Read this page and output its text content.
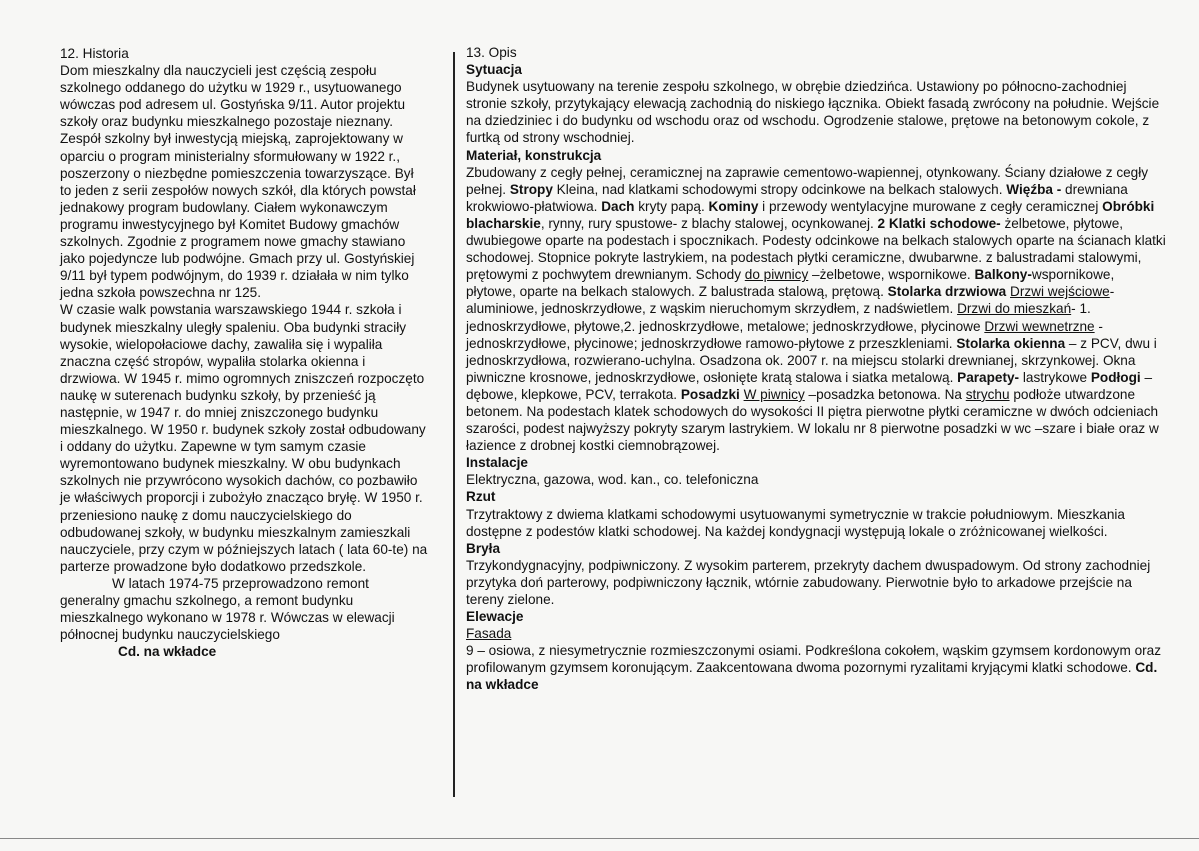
12. Historia

Dom mieszkalny dla nauczycieli jest częścią zespołu szkolnego oddanego do użytku w 1929 r., usytuowanego wówczas pod adresem ul. Gostyńska 9/11. Autor projektu szkoły oraz budynku mieszkalnego pozostaje nieznany. Zespół szkolny był inwestycją miejską, zaprojektowany w oparciu o program ministerialny sformułowany w 1922 r., poszerzony o niezbędne pomieszczenia towarzyszące. Był to jeden z serii zespołów nowych szkół, dla których powstał jednakowy program budowlany. Ciałem wykonawczym programu inwestycyjnego był Komitet Budowy gmachów szkolnych. Zgodnie z programem nowe gmachy stawiano jako pojedyncze lub podwójne. Gmach przy ul. Gostyńskiej 9/11 był typem podwójnym, do 1939 r. działała w nim tylko jedna szkoła powszechna nr 125.

W czasie walk powstania warszawskiego 1944 r. szkoła i budynek mieszkalny uległy spaleniu. Oba budynki straciły wysokie, wielopołaciowe dachy, zawaliła się i wypaliła znaczna część stropów, wypaliła stolarka okienna i drzwiowa. W 1945 r. mimo ogromnych zniszczeń rozpoczęto naukę w suterenach budynku szkoły, by przenieść ją następnie, w 1947 r. do mniej zniszczonego budynku mieszkalnego. W 1950 r. budynek szkoły został odbudowany i oddany do użytku. Zapewne w tym samym czasie wyremontowano budynek mieszkalny. W obu budynkach szkolnych nie przywrócono wysokich dachów, co pozbawiło je właściwych proporcji i zubożyło znacząco bryłę. W 1950 r. przeniesiono naukę z domu nauczycielskiego do odbudowanej szkoły, w budynku mieszkalnym zamieszkali nauczyciele, przy czym w późniejszych latach ( lata 60-te) na parterze prowadzone było dodatkowo przedszkole.

W latach 1974-75 przeprowadzono remont generalny gmachu szkolnego, a remont budynku mieszkalnego wykonano w 1978 r. Wówczas w elewacji północnej budynku nauczycielskiego

Cd. na wkładce

13. Opis

Sytuacja

Budynek usytuowany na terenie zespołu szkolnego, w obrębie dziedzińca. Ustawiony po północno-zachodniej stronie szkoły, przytykający elewacją zachodnią do niskiego łącznika. Obiekt fasadą zwrócony na południe. Wejście na dziedziniec i do budynku od wschodu oraz od wschodu. Ogrodzenie stalowe, prętowe na betonowym cokole, z furtką od strony wschodniej.

Materiał, konstrukcja

Zbudowany z cegły pełnej, ceramicznej na zaprawie cementowo-wapiennej, otynkowany. Ściany działowe z cegły pełnej. Stropy Kleina, nad klatkami schodowymi stropy odcinkowe na belkach stalowych. Więźba - drewniana krokwiowo-płatwiowa. Dach kryty papą. Kominy i przewody wentylacyjne murowane z cegły ceramicznej Obróbki blacharskie, rynny, rury spustowe- z blachy stalowej, ocynkowanej. 2 Klatki schodowe- żelbetowe, płytowe, dwubiegowe oparte na podestach i spocznikach. Podesty odcinkowe na belkach stalowych oparte na ścianach klatki schodowej. Stopnice pokryte lastrykiem, na podestach płytki ceramiczne, dwubarwne. z balustradami stalowymi, prętowymi z pochwytem drewnianym. Schody do piwnicy –żelbetowe, wspornikowe. Balkony-wspornikowe, płytowe, oparte na belkach stalowych. Z balustrada stalową, prętową. Stolarka drzwiowa Drzwi wejściowe- aluminiowe, jednoskrzydłowe, z wąskim nieruchomym skrzydłem, z nadświetlem. Drzwi do mieszkań- 1. jednoskrzydłowe, płytowe,2. jednoskrzydłowe, metalowe; jednoskrzydłowe, płycinowe Drzwi wewnetrzne -jednoskrzydłowe, płycinowe; jednoskrzydłowe ramowo-płytowe z przeszkleniami. Stolarka okienna – z PCV, dwu i jednoskrzydłowa, rozwierano-uchylna. Osadzona ok. 2007 r. na miejscu stolarki drewnianej, skrzynkowej. Okna piwniczne krosnowe, jednoskrzydłowe, osłonięte kratą stalowa i siatka metalową. Parapety- lastrykowe Podłogi –dębowe, klepkowe, PCV, terrakota. Posadzki W piwnicy –posadzka betonowa. Na strychu podłoże utwardzone betonem. Na podestach klatek schodowych do wysokości II piętra pierwotne płytki ceramiczne w dwóch odcieniach szarości, podest najwyższy pokryty szarym lastrykiem. W lokalu nr 8 pierwotne posadzki w wc –szare i białe oraz w łazience z drobnej kostki ciemnobrązowej.

Instalacje

Elektryczna, gazowa, wod. kan., co. telefoniczna

Rzut

Trzytraktowy z dwiema klatkami schodowymi usytuowanymi symetrycznie w trakcie południowym. Mieszkania dostępne z podestów klatki schodowej. Na każdej kondygnacji występują lokale o zróżnicowanej wielkości.

Bryła

Trzykondygnacyjny, podpiwniczony. Z wysokim parterem, przekryty dachem dwuspadowym. Od strony zachodniej przytyka doń parterowy, podpiwniczony łącznik, wtórnie zabudowany. Pierwotnie było to arkadowe przejście na tereny zielone.

Elewacje

Fasada

9 – osiowa, z niesymetrycznie rozmieszczonymi osiami. Podkreślona cokołem, wąskim gzymsem kordonowym oraz profilowanym gzymsem koronującym. Zaakcentowana dwoma pozornymi ryzalitami kryjącymi klatki schodowe. Cd. na wkładce
